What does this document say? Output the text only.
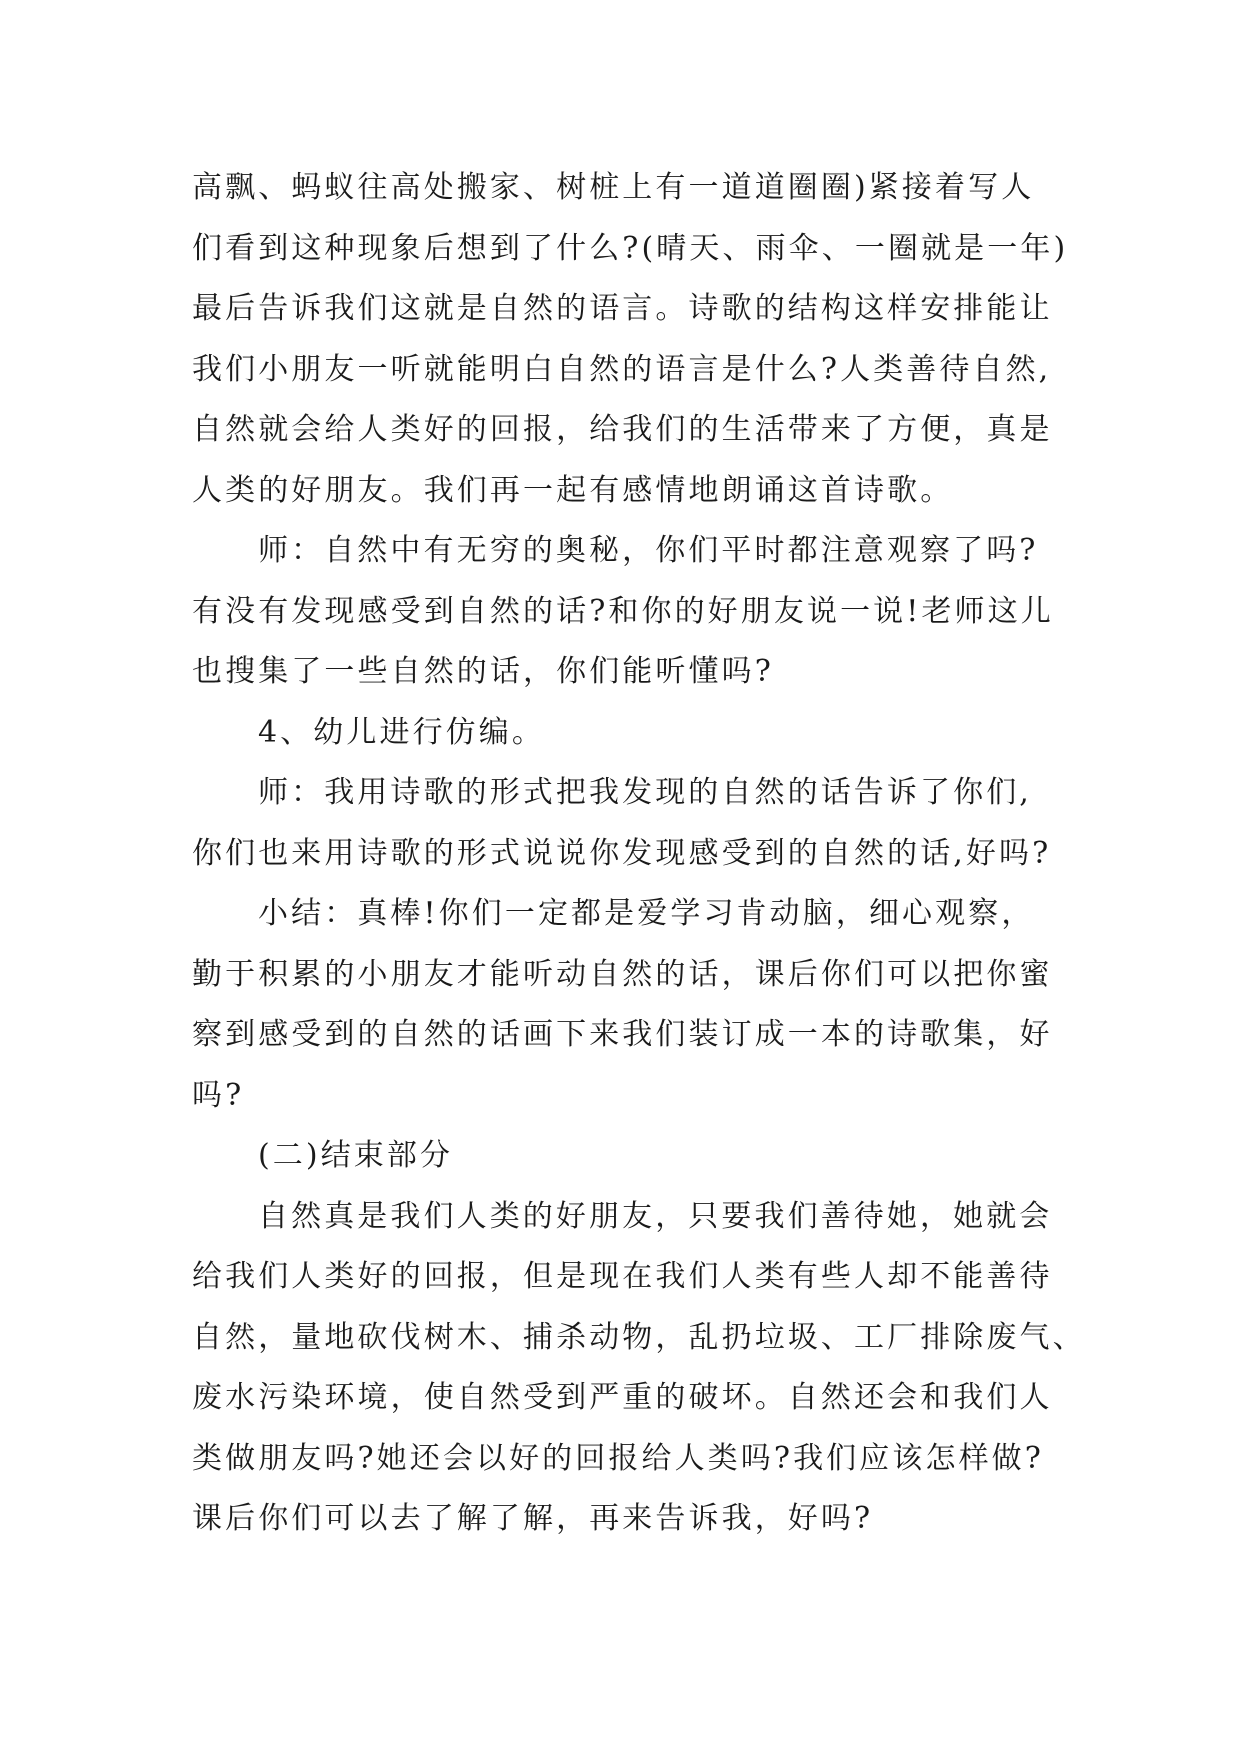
高飘、蚂蚁往高处搬家、树桩上有一道道圈圈)紧接着写人
们看到这种现象后想到了什么?(晴天、雨伞、一圈就是一年)
最后告诉我们这就是自然的语言。诗歌的结构这样安排能让
我们小朋友一听就能明白自然的语言是什么?人类善待自然,
自然就会给人类好的回报，给我们的生活带来了方便，真是
人类的好朋友。我们再一起有感情地朗诵这首诗歌。
师：自然中有无穷的奥秘，你们平时都注意观察了吗?
有没有发现感受到自然的话?和你的好朋友说一说!老师这儿
也搜集了一些自然的话，你们能听懂吗?
4、幼儿进行仿编。
师：我用诗歌的形式把我发现的自然的话告诉了你们,
你们也来用诗歌的形式说说你发现感受到的自然的话,好吗?
小结：真棒!你们一定都是爱学习肯动脑，细心观察，
勤于积累的小朋友才能听动自然的话，课后你们可以把你蜜
察到感受到的自然的话画下来我们装订成一本的诗歌集，好
吗?
(二)结束部分
自然真是我们人类的好朋友，只要我们善待她，她就会
给我们人类好的回报，但是现在我们人类有些人却不能善待
自然，量地砍伐树木、捕杀动物，乱扔垃圾、工厂排除废气、
废水污染环境，使自然受到严重的破坏。自然还会和我们人
类做朋友吗?她还会以好的回报给人类吗?我们应该怎样做?
课后你们可以去了解了解，再来告诉我，好吗?
